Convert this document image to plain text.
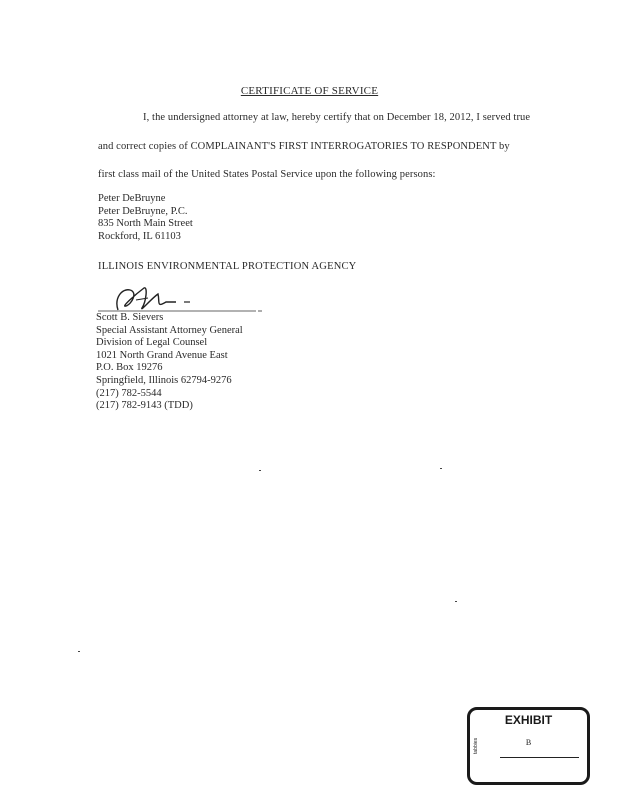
CERTIFICATE OF SERVICE
I, the undersigned attorney at law, hereby certify that on December 18, 2012, I served true
and correct copies of COMPLAINANT'S FIRST INTERROGATORIES TO RESPONDENT by
first class mail of the United States Postal Service upon the following persons:
Peter DeBruyne
Peter DeBruyne, P.C.
835 North Main Street
Rockford, IL 61103
ILLINOIS ENVIRONMENTAL PROTECTION AGENCY
Scott B. Sievers
Special Assistant Attorney General
Division of Legal Counsel
1021 North Grand Avenue East
P.O. Box 19276
Springfield, Illinois 62794-9276
(217) 782-5544
(217) 782-9143 (TDD)
EXHIBIT
tabbies	B
